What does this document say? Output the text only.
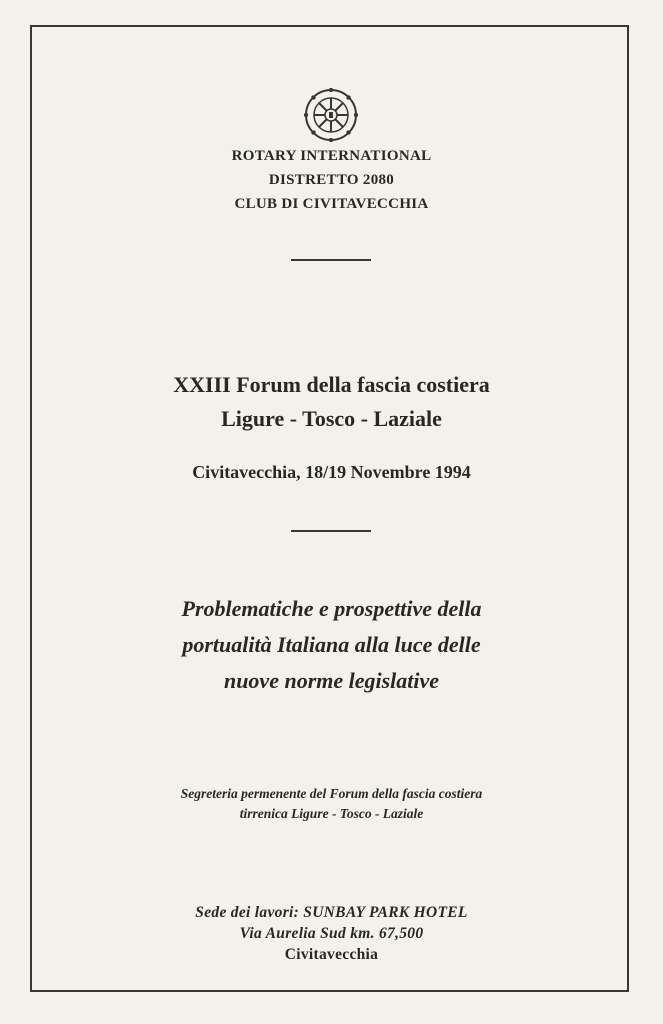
ROTARY INTERNATIONAL
DISTRETTO 2080
CLUB DI CIVITAVECCHIA
XXIII Forum della fascia costiera
Ligure - Tosco - Laziale
Civitavecchia, 18/19 Novembre 1994
Problematiche e prospettive della
portualità Italiana alla luce delle
nuove norme legislative
Segreteria permenente del Forum della fascia costiera
tirrenica Ligure - Tosco - Laziale
Sede dei lavori: SUNBAY PARK HOTEL
Via Aurelia Sud km. 67,500
Civitavecchia
